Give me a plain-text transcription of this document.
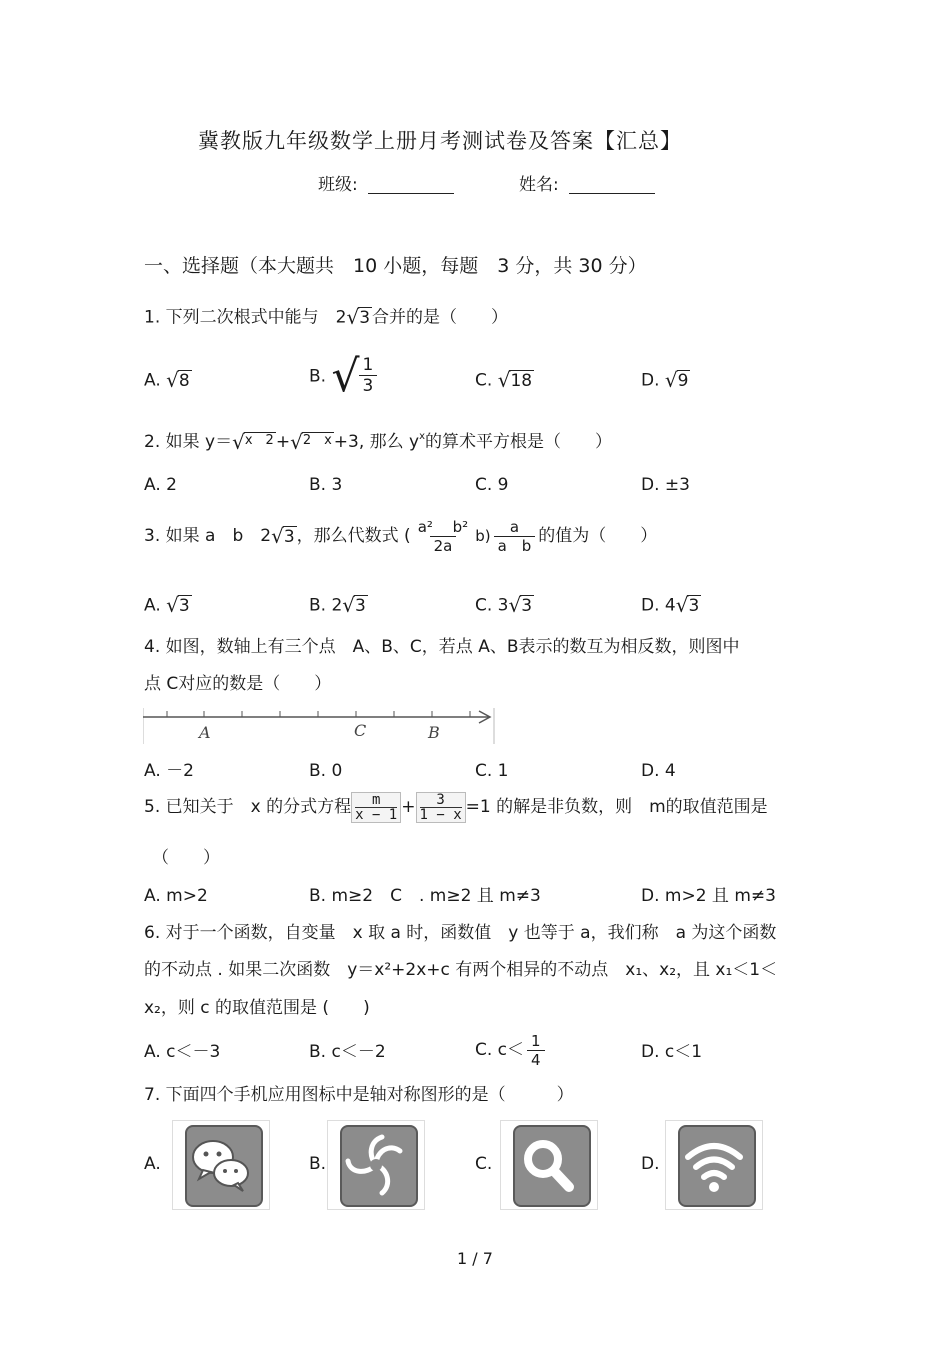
冀教版九年级数学上册月考测试卷及答案【汇总】
班级:	姓名:
一、选择题（本大题共　10 小题，每题　3 分，共 30 分）
1. 下列二次根式中能与　2 √ 3 合并的是（　　）
A. √ 8	B. √ $\frac{1}{3}$	C. √ 18	D. √ 9
2. 如果 y＝ √ x　2 + √ 2　x +3, 那么 $y^x$的算术平方根是（　　）
A. 2	B. 3	C. 9	D. ±3
3. 如果 a　b　2 √ 3 ，那么代数式 ( $\frac{\text{a² 　b²}}{2a} b) \frac{a}{\text{a　b}}$ 的值为（　　）
A. √ 3	B. 2 √ 3	C. 3 √ 3	D. 4 √ 3
4. 如图，数轴上有三个点　A、B、C，若点 A、B表示的数互为相反数，则图中
点 C对应的数是（　　）
A	C	B
A. －2	B. 0	C. 1	D. 4
5. 已知关于　x 的分式方程 $\frac{m}{x - 1} + \frac{3}{1 - x} =1$ 的解是非负数，则　m的取值范围是
（　　）
A. m>2	B. m≥2　C　. m≥2 且 m≠3	D. m>2 且 m≠3
6. 对于一个函数，自变量　x 取 a 时，函数值　y 也等于 a，我们称　a 为这个函数
的不动点 . 如果二次函数　y＝x²+2x+c 有两个相异的不动点　x₁、x₂，且 x₁＜1＜
x₂，则 c 的取值范围是 (　　)
A. c＜－3	B. c＜－2	C. $c< \frac{1}{4}$	D. c＜1
7. 下面四个手机应用图标中是轴对称图形的是（　　　）
A.	B.	C.	D.
1 / 7
